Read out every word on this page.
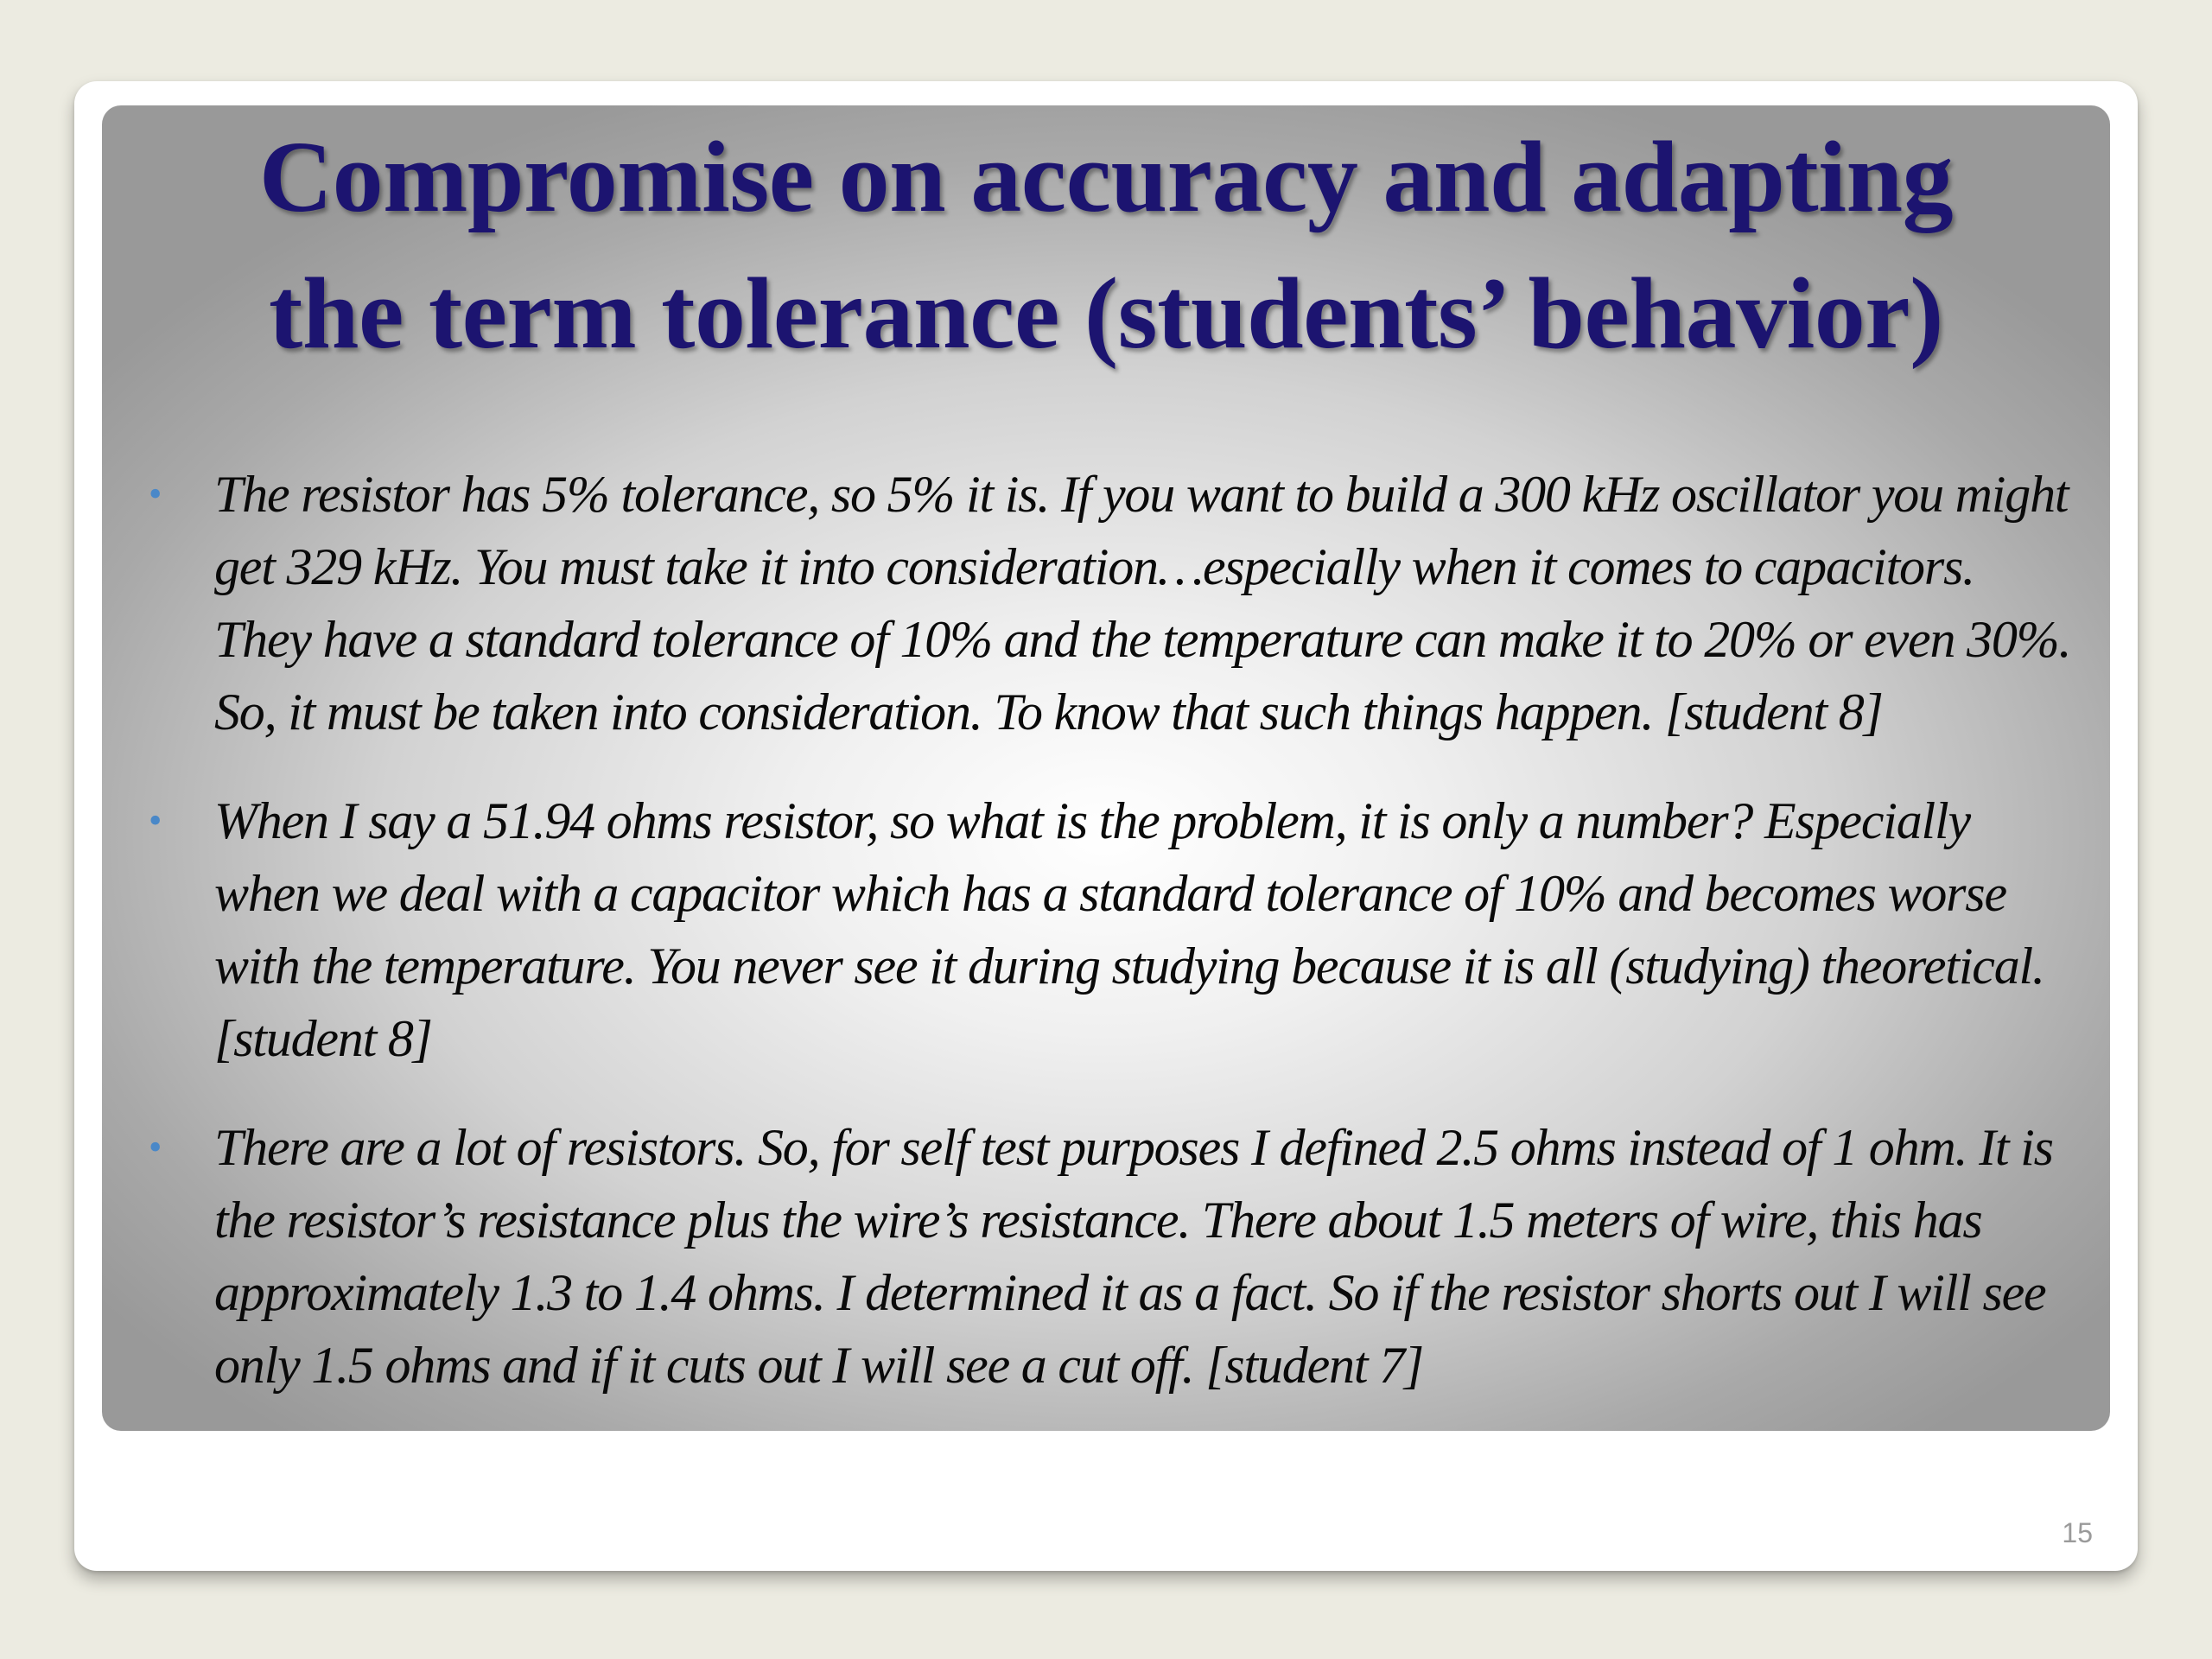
Compromise on accuracy and adapting
the term tolerance (students’ behavior)
• The resistor has 5% tolerance, so 5% it is. If you want to build a 300 kHz oscillator you might get 329 kHz. You must take it into consideration…especially when it comes to capacitors. They have a standard tolerance of 10% and the temperature can make it to 20% or even 30%. So, it must be taken into consideration. To know that such things happen. [student 8]
• When I say a 51.94 ohms resistor, so what is the problem, it is only a number? Especially when we deal with a capacitor which has a standard tolerance of 10% and becomes worse with the temperature. You never see it during studying because it is all (studying) theoretical. [student 8]
• There are a lot of resistors. So, for self test purposes I defined 2.5 ohms instead of 1 ohm. It is the resistor’s resistance plus the wire’s resistance. There about 1.5 meters of wire, this has approximately 1.3 to 1.4 ohms. I determined it as a fact. So if the resistor shorts out I will see only 1.5 ohms and if it cuts out I will see a cut off. [student 7]
15
